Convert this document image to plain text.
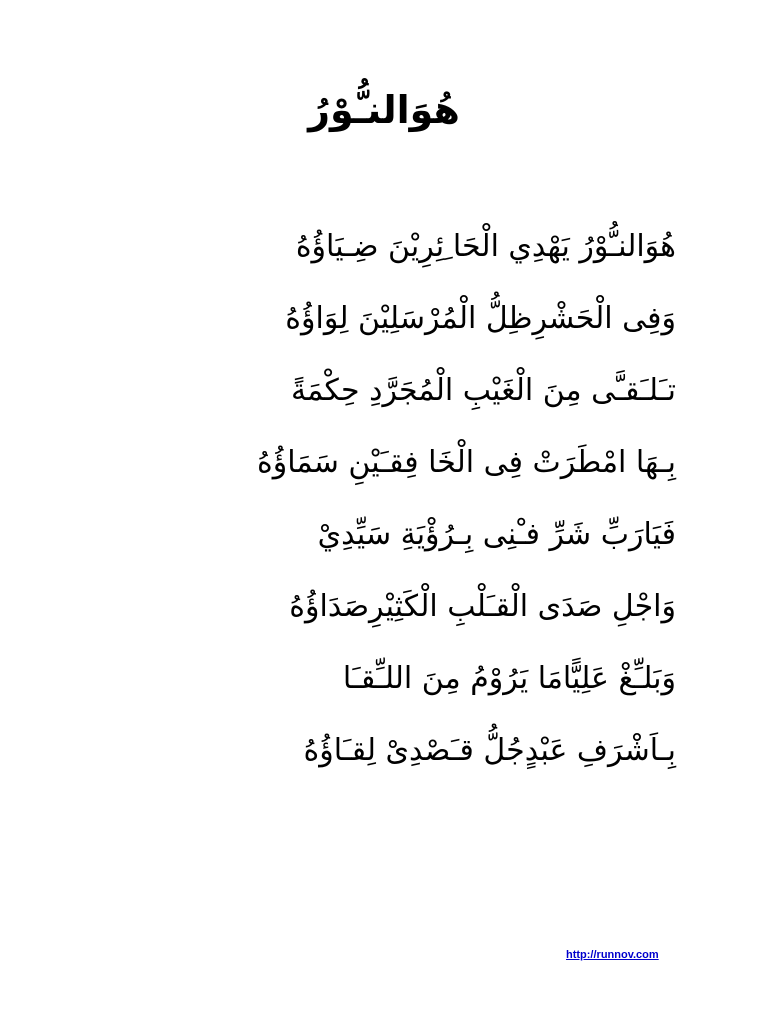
هُوَالنـُّوْرُ
هُوَالنـُّوْرُ يَهْدِي الْحَا ِئِرِيْنَ ضِـيَاؤُهُ
وَفِى الْحَشْرِظِلُّ الْمُرْسَلِيْنَ لِوَاؤُهُ
تـَلـَقـَّى مِنَ الْغَيْبِ الْمُجَرَّدِ حِكْمَةً
بِـهَا امْطَرَتْ فِى الْخَا فِقـَيْنِ سَمَاؤُهُ
فَيَارَبِّ شَرِّ فـْنِى بِـرُؤْيَةِ سَيِّدِيْ
وَاجْلِ صَدَى الْقـَلْبِ الْكَثِيْرِصَدَاؤُهُ
وَبَلـِّغْ عَلِيًّامَا يَرُوْمُ مِنَ اللـِّقـَا
بِـاَشْرَفِ عَبْدٍجُلُّ قـَصْدِىْ لِقـَاؤُهُ
http://runnov.com
